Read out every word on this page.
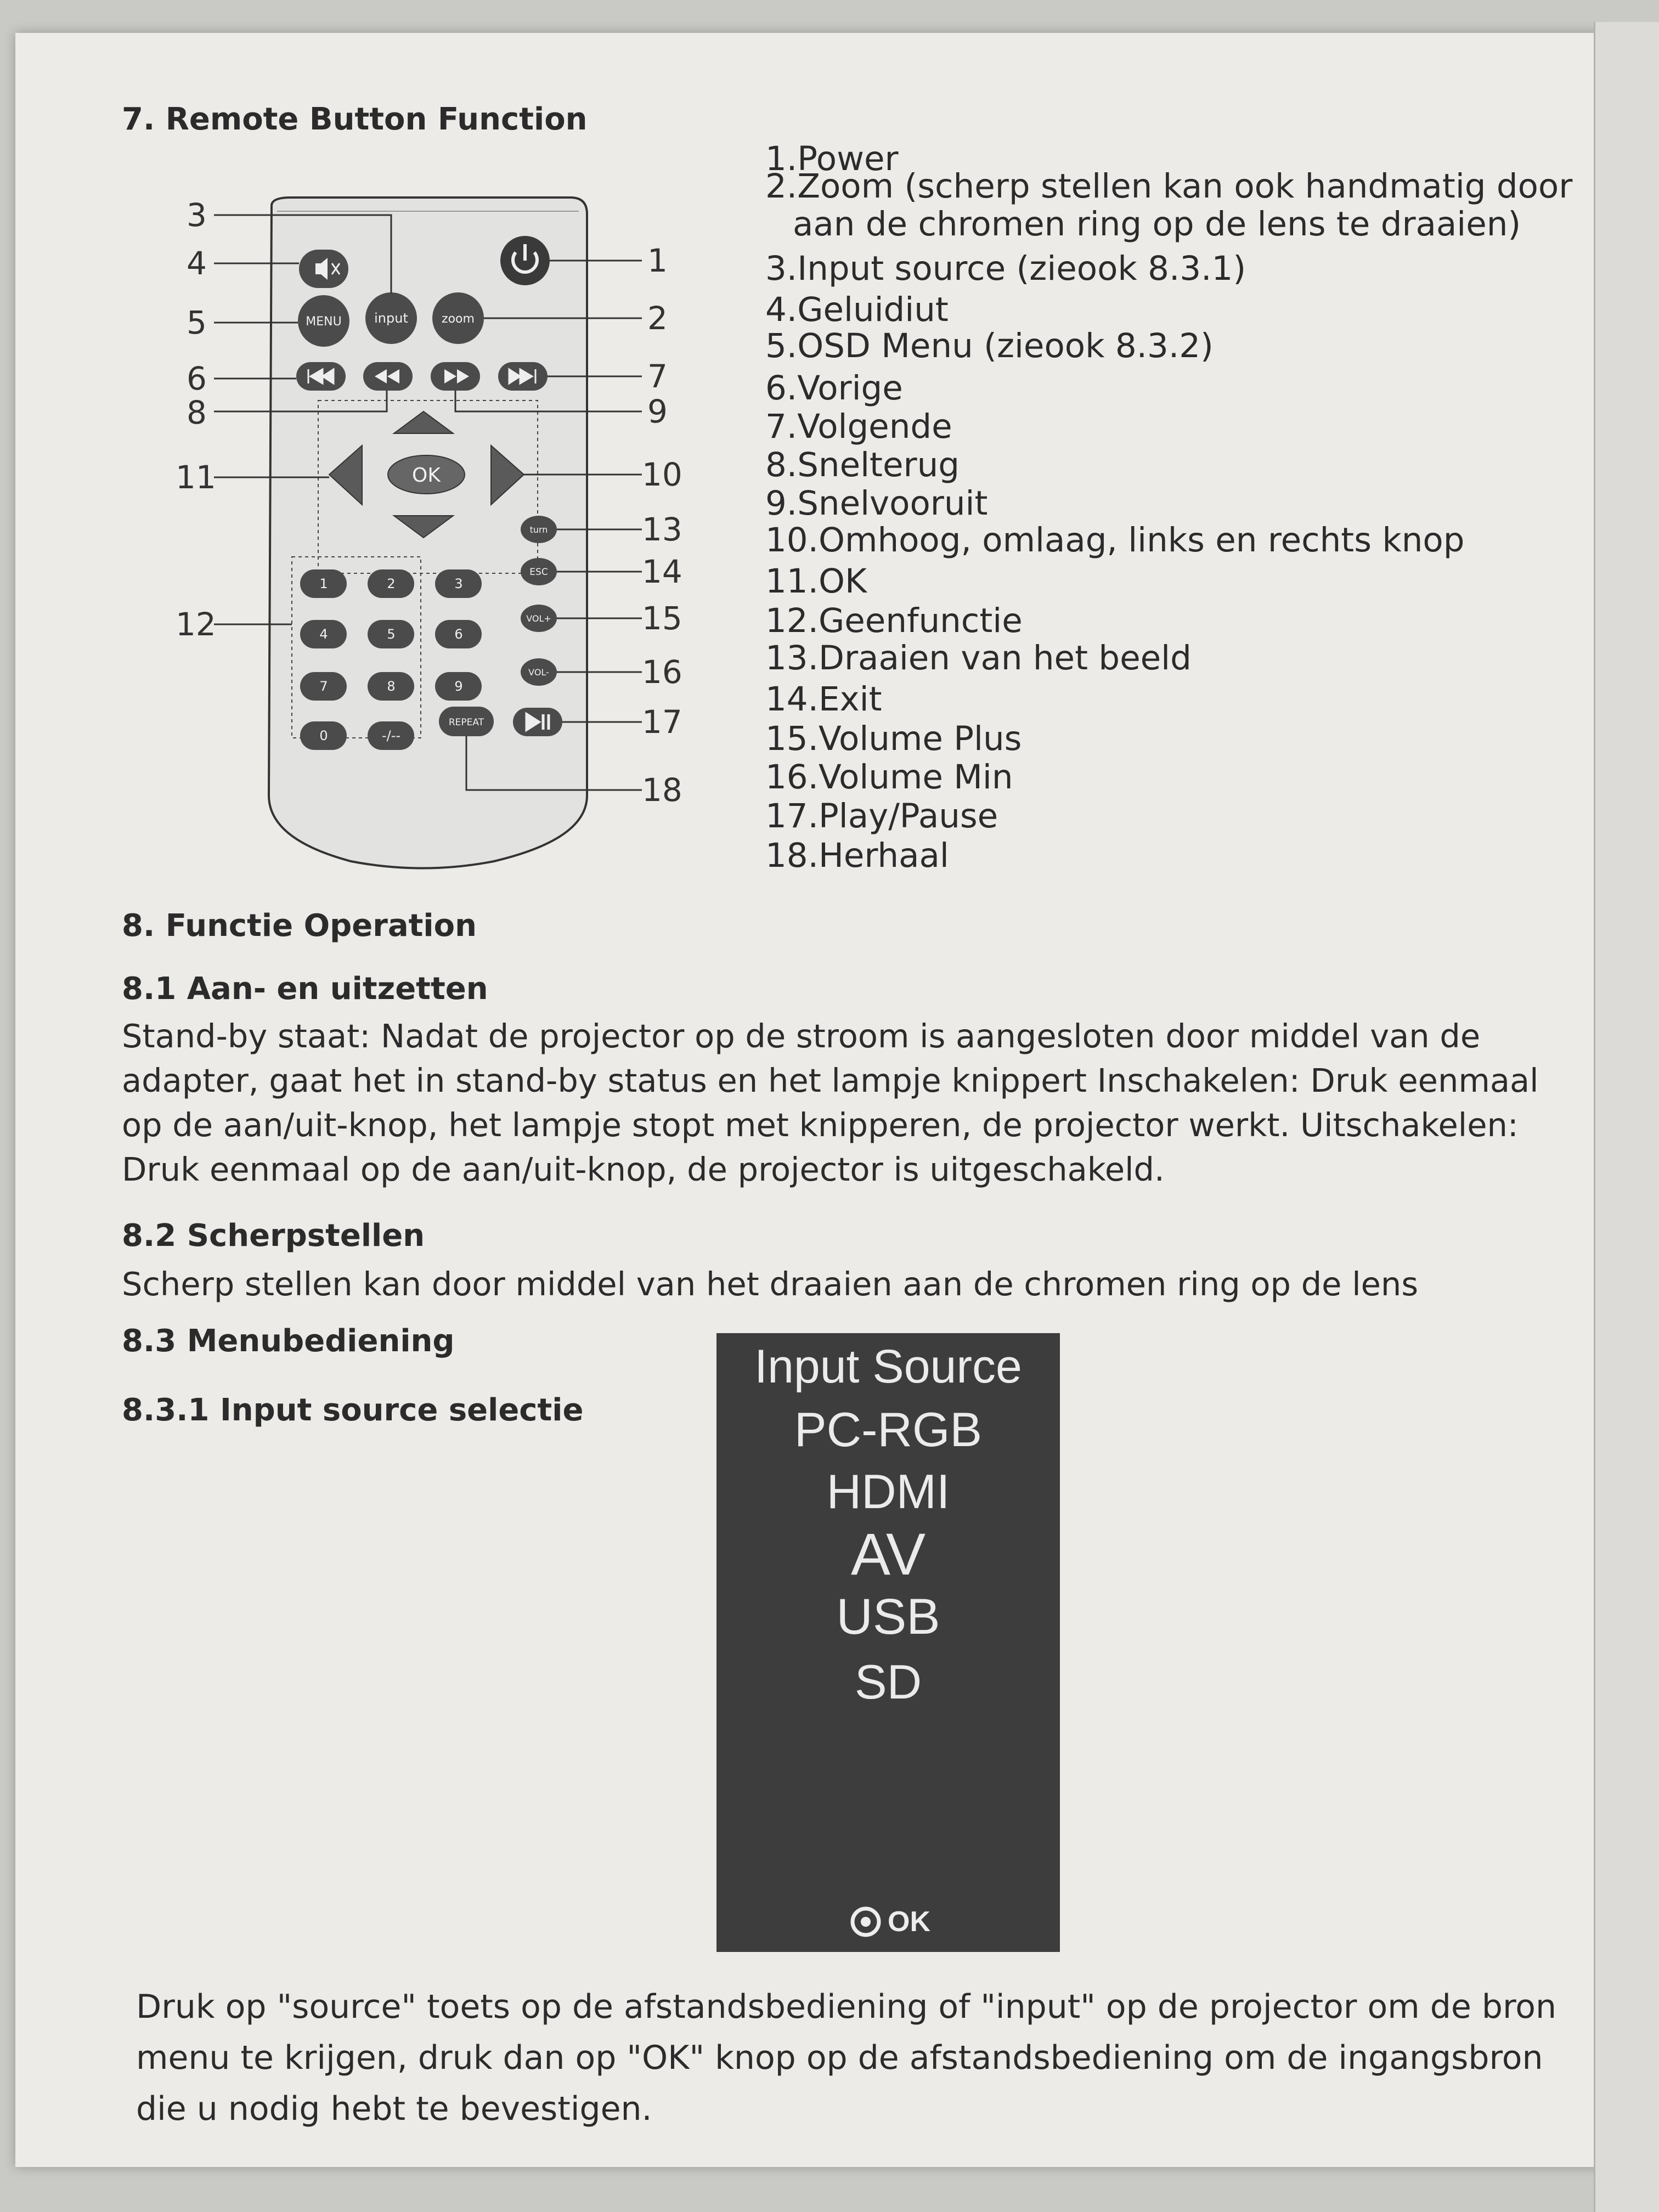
7. Remote Button Function
MENU input	zoom
OK
turn
ESC
VOL+
VOL-
REPEAT
1	2	3
4	5	6
7	8	9
0	-/--
3
4
5
6
8
11
12
1
2
7
9
10
13
14
15
16
17
18
1.Power
2.Zoom (scherp stellen kan ook handmatig door
aan de chromen ring op de lens te draaien)
3.Input source (zieook 8.3.1)
4.Geluidiut
5.OSD Menu (zieook 8.3.2)
6.Vorige
7.Volgende
8.Snelterug
9.Snelvooruit
10.Omhoog, omlaag, links en rechts knop
11.OK
12.Geenfunctie
13.Draaien van het beeld
14.Exit
15.Volume Plus
16.Volume Min
17.Play/Pause
18.Herhaal
8. Functie Operation
8.1 Aan- en uitzetten
Stand-by staat: Nadat de projector op de stroom is aangesloten door middel van de adapter, gaat het in stand-by status en het lampje knippert Inschakelen: Druk eenmaal op de aan/uit-knop, het lampje stopt met knipperen, de projector werkt. Uitschakelen: Druk eenmaal op de aan/uit-knop, de projector is uitgeschakeld.
8.2 Scherpstellen
Scherp stellen kan door middel van het draaien aan de chromen ring op de lens
8.3 Menubediening
8.3.1 Input source selectie
Input Source
PC-RGB
HDMI
AV
USB
SD
OK
Druk op "source" toets op de afstandsbediening of "input" op de projector om de bron menu te krijgen, druk dan op "OK" knop op de afstandsbediening om de ingangsbron die u nodig hebt te bevestigen.
